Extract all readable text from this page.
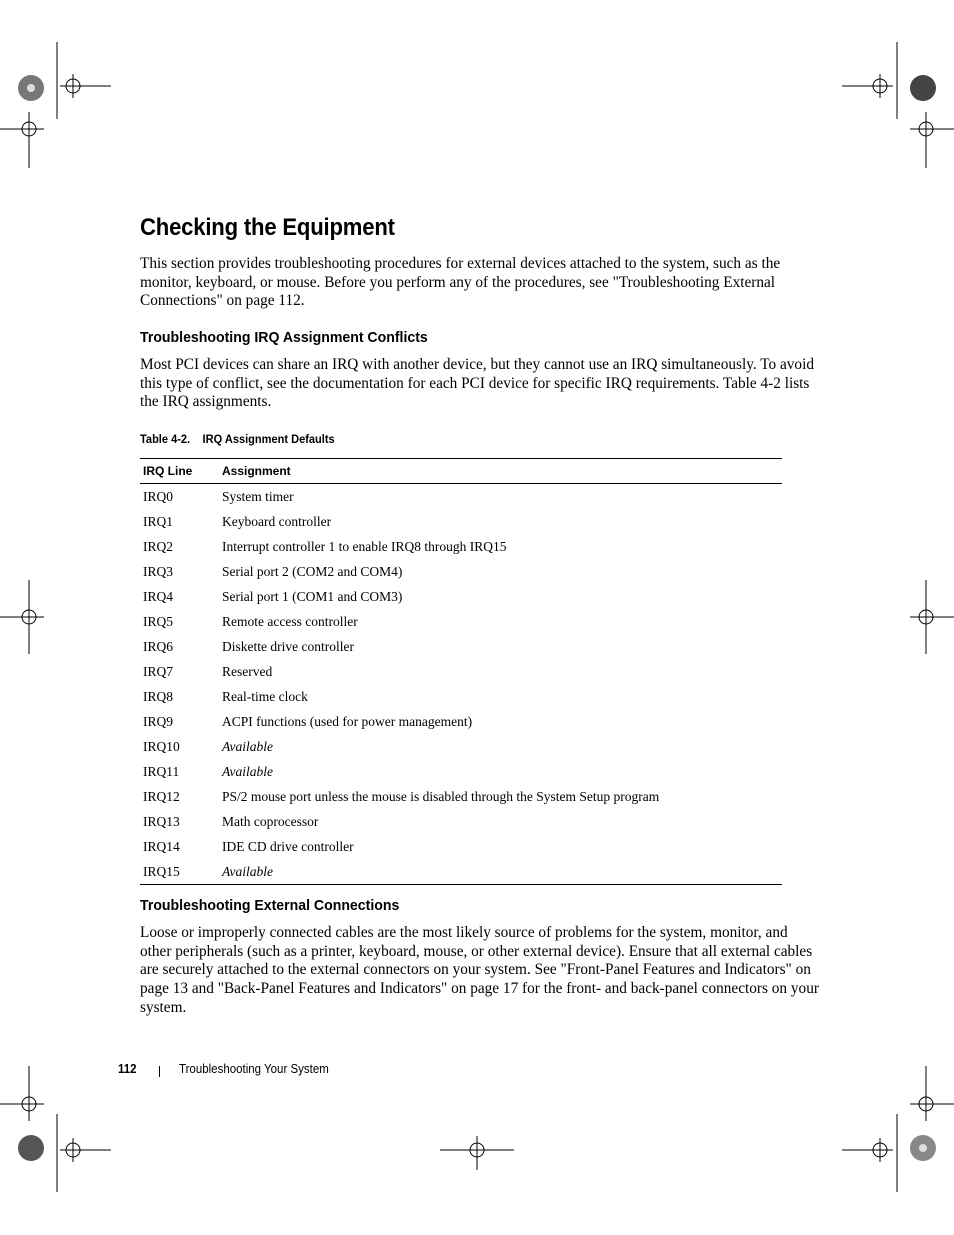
Checking the Equipment

This section provides troubleshooting procedures for external devices attached to the system, such as the monitor, keyboard, or mouse. Before you perform any of the procedures, see "Troubleshooting External Connections" on page 112.

Troubleshooting IRQ Assignment Conflicts

Most PCI devices can share an IRQ with another device, but they cannot use an IRQ simultaneously. To avoid this type of conflict, see the documentation for each PCI device for specific IRQ requirements. Table 4-2 lists the IRQ assignments.

Table 4-2. IRQ Assignment Defaults
IRQ Line	Assignment
IRQ0	System timer
IRQ1	Keyboard controller
IRQ2	Interrupt controller 1 to enable IRQ8 through IRQ15
IRQ3	Serial port 2 (COM2 and COM4)
IRQ4	Serial port 1 (COM1 and COM3)
IRQ5	Remote access controller
IRQ6	Diskette drive controller
IRQ7	Reserved
IRQ8	Real-time clock
IRQ9	ACPI functions (used for power management)
IRQ10	Available
IRQ11	Available
IRQ12	PS/2 mouse port unless the mouse is disabled through the System Setup program
IRQ13	Math coprocessor
IRQ14	IDE CD drive controller
IRQ15	Available
Troubleshooting External Connections

Loose or improperly connected cables are the most likely source of problems for the system, monitor, and other peripherals (such as a printer, keyboard, mouse, or other external device). Ensure that all external cables are securely attached to the external connectors on your system. See "Front-Panel Features and Indicators" on page 13 and "Back-Panel Features and Indicators" on page 17 for the front- and back-panel connectors on your system.

112	Troubleshooting Your System
